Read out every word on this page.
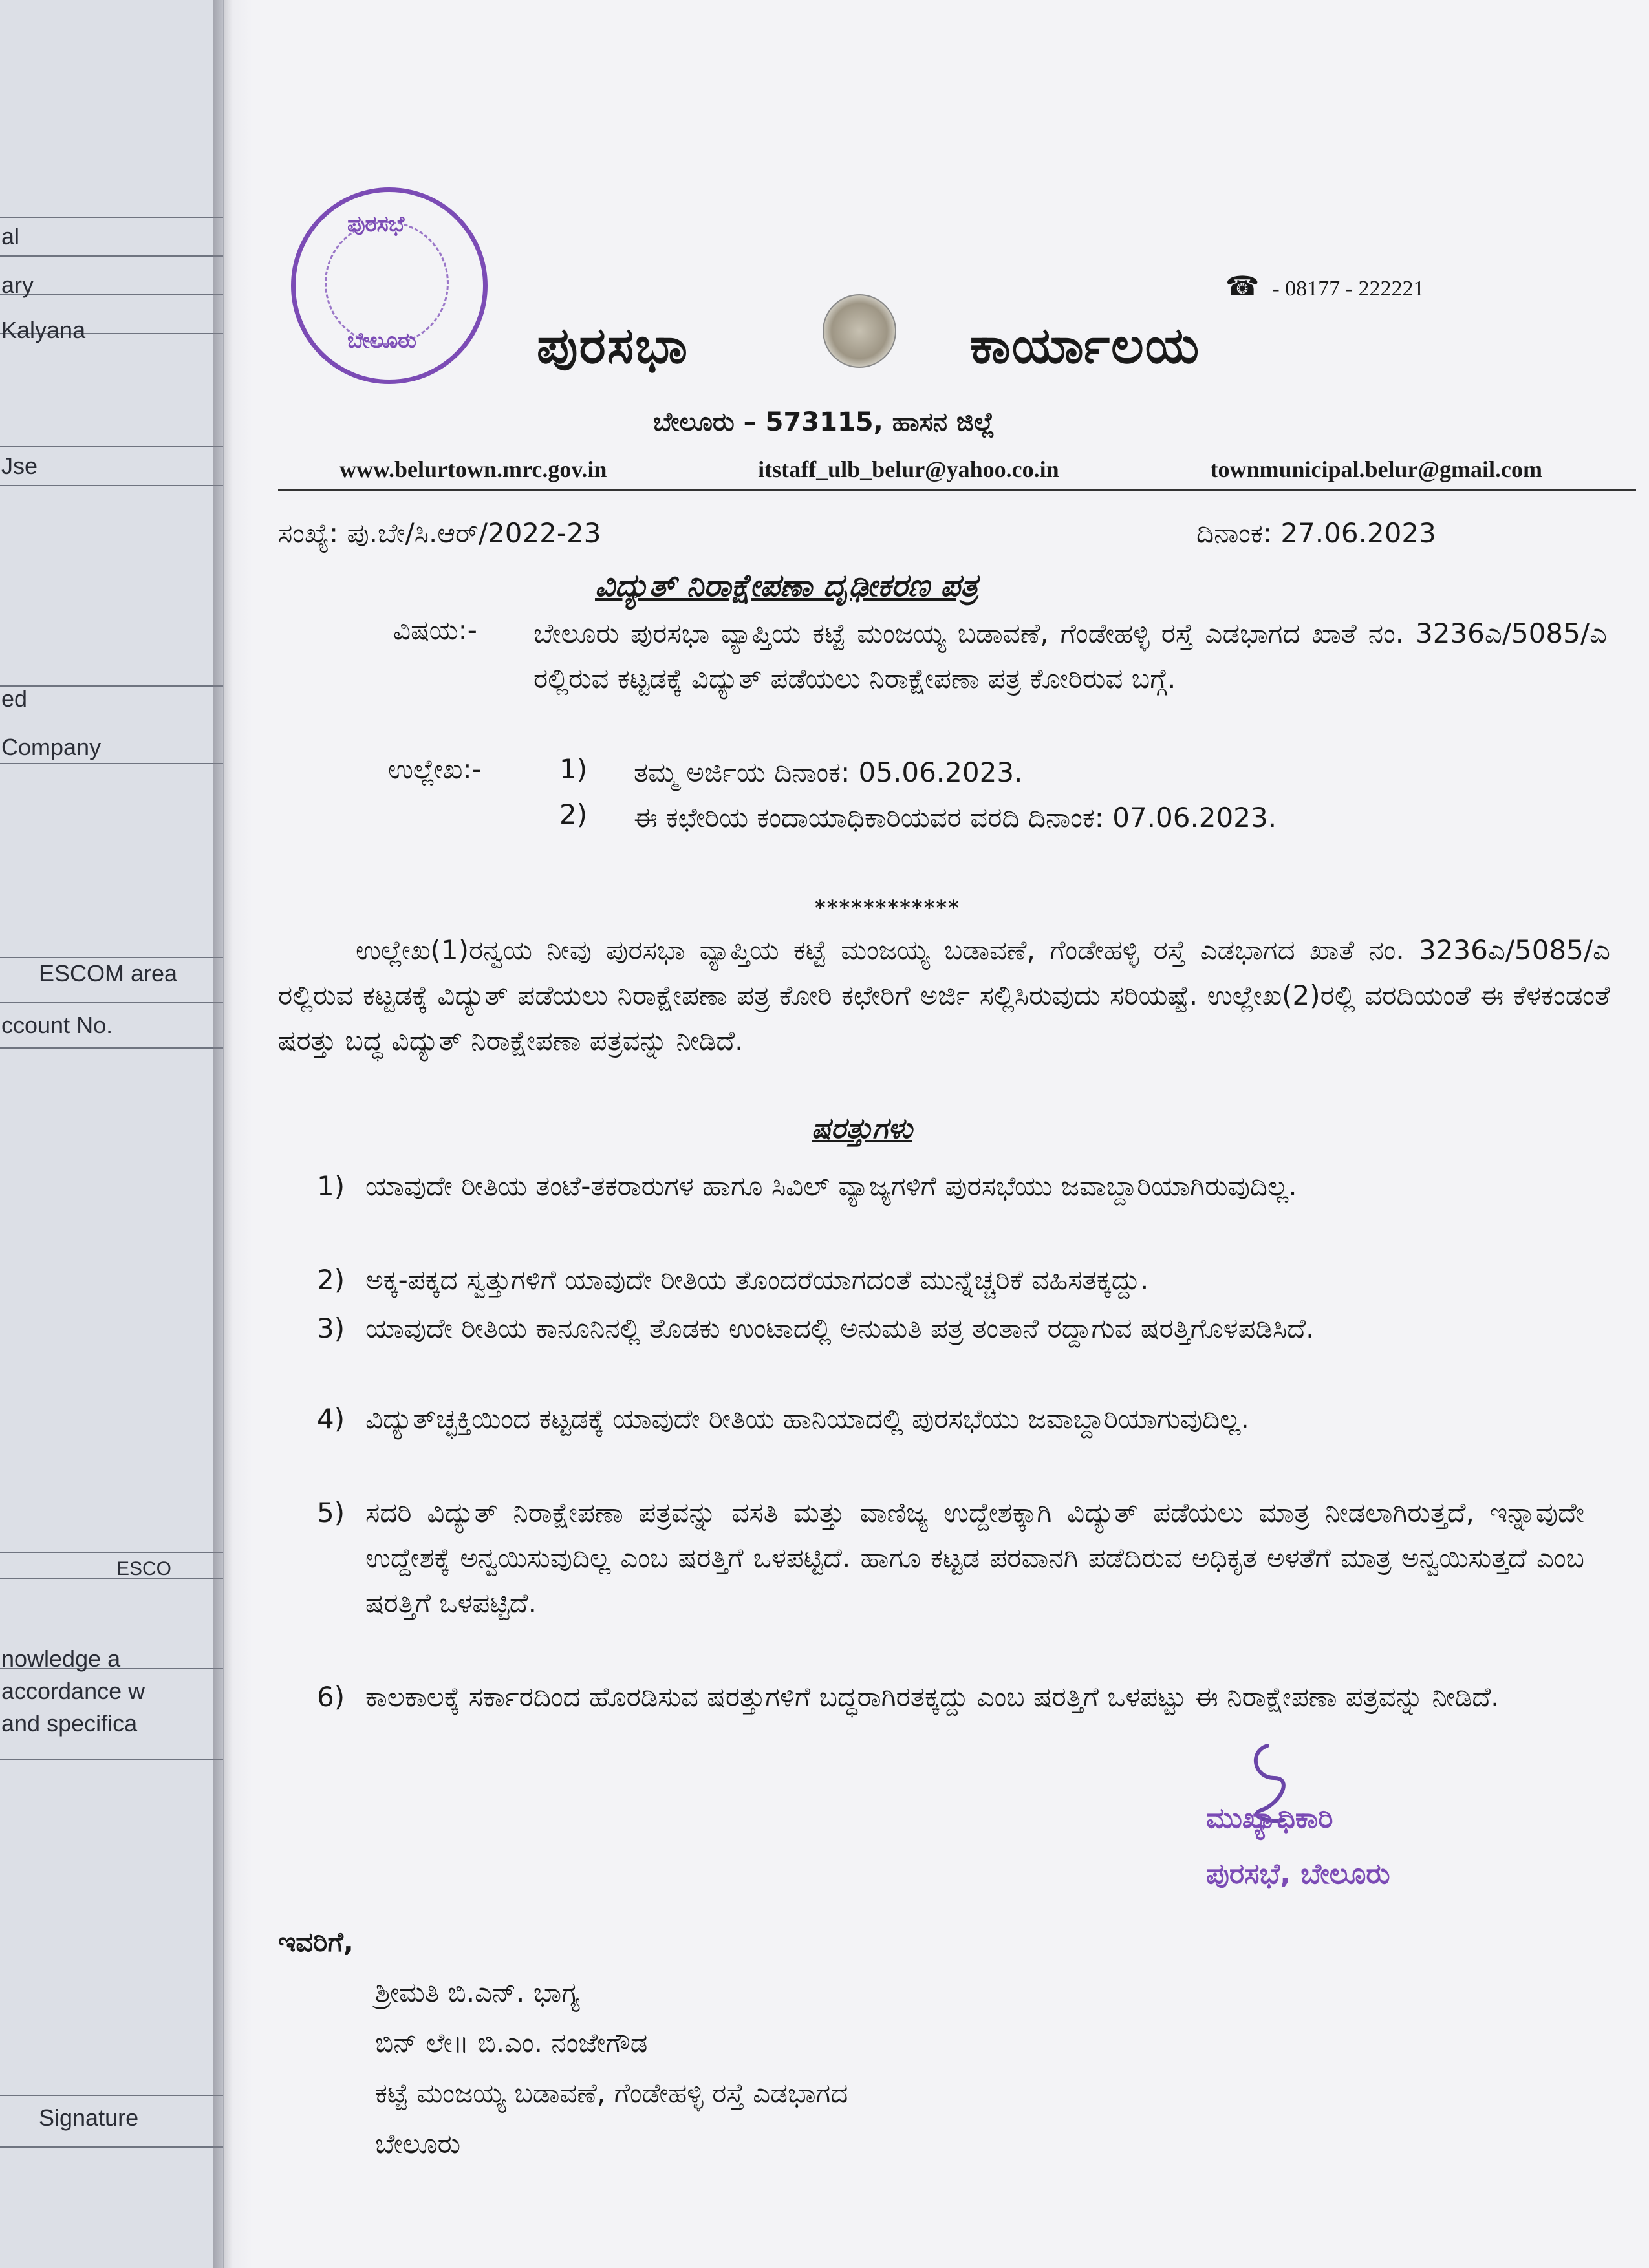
al
ary
Kalyana
Jse
ed
Company
ESCOM area
ccount No.
ESCO
nowledge a
accordance w
and specifica
Signature
ಪುರಸಭೆ
ಬೇಲೂರು
☎ - 08177 - 222221
ಪುರಸಭಾ	ಕಾರ್ಯಾಲಯ
ಬೇಲೂರು – 573115, ಹಾಸನ ಜಿಲ್ಲೆ
www.belurtown.mrc.gov.in	itstaff_ulb_belur@yahoo.co.in	townmunicipal.belur@gmail.com
ಸಂಖ್ಯೆ: ಪು.ಬೇ/ಸಿ.ಆರ್/2022-23	ದಿನಾಂಕ: 27.06.2023
ವಿದ್ಯುತ್ ನಿರಾಕ್ಷೇಪಣಾ ದೃಢೀಕರಣ ಪತ್ರ
ವಿಷಯ:- ಬೇಲೂರು ಪುರಸಭಾ ವ್ಯಾಪ್ತಿಯ ಕಟ್ಟೆ ಮಂಜಯ್ಯ ಬಡಾವಣೆ, ಗೆಂಡೇಹಳ್ಳಿ ರಸ್ತೆ ಎಡಭಾಗದ ಖಾತೆ ನಂ. 3236ಎ/5085/ಎ ರಲ್ಲಿರುವ ಕಟ್ಟಡಕ್ಕೆ ವಿದ್ಯುತ್ ಪಡೆಯಲು ನಿರಾಕ್ಷೇಪಣಾ ಪತ್ರ ಕೋರಿರುವ ಬಗ್ಗೆ.
ಉಲ್ಲೇಖ:-	1) ತಮ್ಮ ಅರ್ಜಿಯ ದಿನಾಂಕ: 05.06.2023.
2) ಈ ಕಛೇರಿಯ ಕಂದಾಯಾಧಿಕಾರಿಯವರ ವರದಿ ದಿನಾಂಕ: 07.06.2023.
************
ಉಲ್ಲೇಖ(1)ರನ್ವಯ ನೀವು ಪುರಸಭಾ ವ್ಯಾಪ್ತಿಯ ಕಟ್ಟೆ ಮಂಜಯ್ಯ ಬಡಾವಣೆ, ಗೆಂಡೇಹಳ್ಳಿ ರಸ್ತೆ ಎಡಭಾಗದ ಖಾತೆ ನಂ. 3236ಎ/5085/ಎ ರಲ್ಲಿರುವ ಕಟ್ಟಡಕ್ಕೆ ವಿದ್ಯುತ್ ಪಡೆಯಲು ನಿರಾಕ್ಷೇಪಣಾ ಪತ್ರ ಕೋರಿ ಕಛೇರಿಗೆ ಅರ್ಜಿ ಸಲ್ಲಿಸಿರುವುದು ಸರಿಯಷ್ಟೆ. ಉಲ್ಲೇಖ(2)ರಲ್ಲಿ ವರದಿಯಂತೆ ಈ ಕೆಳಕಂಡಂತೆ ಷರತ್ತು ಬದ್ಧ ವಿದ್ಯುತ್ ನಿರಾಕ್ಷೇಪಣಾ ಪತ್ರವನ್ನು ನೀಡಿದೆ.
ಷರತ್ತುಗಳು
1) ಯಾವುದೇ ರೀತಿಯ ತಂಟೆ-ತಕರಾರುಗಳ ಹಾಗೂ ಸಿವಿಲ್ ವ್ಯಾಜ್ಯಗಳಿಗೆ ಪುರಸಭೆಯು ಜವಾಬ್ದಾರಿಯಾಗಿರುವುದಿಲ್ಲ.
2) ಅಕ್ಕ-ಪಕ್ಕದ ಸ್ವತ್ತುಗಳಿಗೆ ಯಾವುದೇ ರೀತಿಯ ತೊಂದರೆಯಾಗದಂತೆ ಮುನ್ನೆಚ್ಚರಿಕೆ ವಹಿಸತಕ್ಕದ್ದು.
3) ಯಾವುದೇ ರೀತಿಯ ಕಾನೂನಿನಲ್ಲಿ ತೊಡಕು ಉಂಟಾದಲ್ಲಿ ಅನುಮತಿ ಪತ್ರ ತಂತಾನೆ ರದ್ದಾಗುವ ಷರತ್ತಿಗೊಳಪಡಿಸಿದೆ.
4) ವಿದ್ಯುತ್‌ಚ್ಛಕ್ತಿಯಿಂದ ಕಟ್ಟಡಕ್ಕೆ ಯಾವುದೇ ರೀತಿಯ ಹಾನಿಯಾದಲ್ಲಿ ಪುರಸಭೆಯು ಜವಾಬ್ದಾರಿಯಾಗುವುದಿಲ್ಲ.
5) ಸದರಿ ವಿದ್ಯುತ್ ನಿರಾಕ್ಷೇಪಣಾ ಪತ್ರವನ್ನು ವಸತಿ ಮತ್ತು ವಾಣಿಜ್ಯ ಉದ್ದೇಶಕ್ಕಾಗಿ ವಿದ್ಯುತ್ ಪಡೆಯಲು ಮಾತ್ರ ನೀಡಲಾಗಿರುತ್ತದೆ, ಇನ್ನಾವುದೇ ಉದ್ದೇಶಕ್ಕೆ ಅನ್ವಯಿಸುವುದಿಲ್ಲ ಎಂಬ ಷರತ್ತಿಗೆ ಒಳಪಟ್ಟಿದೆ. ಹಾಗೂ ಕಟ್ಟಡ ಪರವಾನಗಿ ಪಡೆದಿರುವ ಅಧಿಕೃತ ಅಳತೆಗೆ ಮಾತ್ರ ಅನ್ವಯಿಸುತ್ತದೆ ಎಂಬ ಷರತ್ತಿಗೆ ಒಳಪಟ್ಟಿದೆ.
6) ಕಾಲಕಾಲಕ್ಕೆ ಸರ್ಕಾರದಿಂದ ಹೊರಡಿಸುವ ಷರತ್ತುಗಳಿಗೆ ಬದ್ಧರಾಗಿರತಕ್ಕದ್ದು ಎಂಬ ಷರತ್ತಿಗೆ ಒಳಪಟ್ಟು ಈ ನಿರಾಕ್ಷೇಪಣಾ ಪತ್ರವನ್ನು ನೀಡಿದೆ.
ಮುಖ್ಯಾಧಿಕಾರಿ
ಪುರಸಭೆ, ಬೇಲೂರು
ಇವರಿಗೆ,
ಶ್ರೀಮತಿ ಬಿ.ಎನ್. ಭಾಗ್ಯ
ಬಿನ್ ಲೇ॥ ಬಿ.ಎಂ. ನಂಜೇಗೌಡ
ಕಟ್ಟೆ ಮಂಜಯ್ಯ ಬಡಾವಣೆ, ಗೆಂಡೇಹಳ್ಳಿ ರಸ್ತೆ ಎಡಭಾಗದ
ಬೇಲೂರು
